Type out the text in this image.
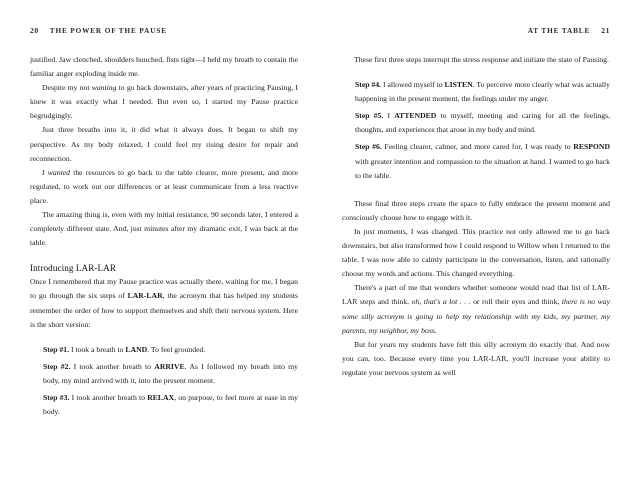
20 THE POWER OF THE PAUSE

justified. Jaw clenched, shoulders hunched, fists tight—I held my breath to contain the familiar anger exploding inside me.

Despite my not wanting to go back downstairs, after years of practicing Pausing, I knew it was exactly what I needed. But even so, I started my Pause practice begrudgingly.

Just three breaths into it, it did what it always does. It began to shift my perspective. As my body relaxed, I could feel my rising desire for repair and reconnection.

I wanted the resources to go back to the table clearer, more present, and more regulated, to work out our differences or at least communicate from a less reactive place.

The amazing thing is, even with my initial resistance, 90 seconds later, I entered a completely different state. And, just minutes after my dramatic exit, I was back at the table.

Introducing LAR-LAR

Once I remembered that my Pause practice was actually there, waiting for me, I began to go through the six steps of LAR-LAR, the acronym that has helped my students remember the order of how to support themselves and shift their nervous system. Here is the short version:

Step #1. I took a breath to LAND. To feel grounded.

Step #2. I took another breath to ARRIVE. As I followed my breath into my body, my mind arrived with it, into the present moment.

Step #3. I took another breath to RELAX, on purpose, to feel more at ease in my body.

AT THE TABLE 21

These first three steps interrupt the stress response and initiate the state of Pausing.

Step #4. I allowed myself to LISTEN. To perceive more clearly what was actually happening in the present moment, the feelings under my anger.

Step #5. I ATTENDED to myself, meeting and caring for all the feelings, thoughts, and experiences that arose in my body and mind.

Step #6. Feeling clearer, calmer, and more cared for, I was ready to RESPOND with greater intention and compassion to the situation at hand. I wanted to go back to the table.

These final three steps create the space to fully embrace the present moment and consciously choose how to engage with it.

In just moments, I was changed. This practice not only allowed me to go back downstairs, but also transformed how I could respond to Willow when I returned to the table. I was now able to calmly participate in the conversation, listen, and rationally choose my words and actions. This changed everything.

There's a part of me that wonders whether someone would read that list of LAR-LAR steps and think, oh, that's a lot . . . or roll their eyes and think, there is no way some silly acronym is going to help my relationship with my kids, my partner, my parents, my neighbor, my boss.

But for years my students have felt this silly acronym do exactly that. And now you can, too. Because every time you LAR-LAR, you'll increase your ability to regulate your nervous system as well
